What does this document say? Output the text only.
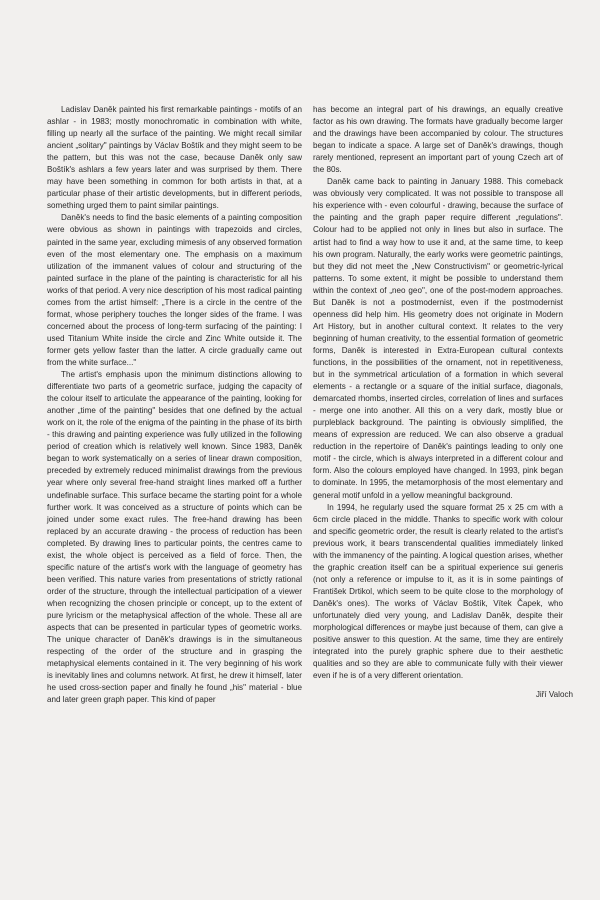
Ladislav Daněk painted his first remarkable paintings - motifs of an ashlar - in 1983; mostly monochromatic in combination with white, filling up nearly all the surface of the painting. We might recall similar ancient „solitary" paintings by Václav Boštík and they might seem to be the pattern, but this was not the case, because Daněk only saw Boštík's ashlars a few years later and was surprised by them. There may have been something in common for both artists in that, at a particular phase of their artistic developments, but in different periods, something urged them to paint similar paintings.

Daněk's needs to find the basic elements of a painting composition were obvious as shown in paintings with trapezoids and circles, painted in the same year, excluding mimesis of any observed formation even of the most elementary one. The emphasis on a maximum utilization of the immanent values of colour and structuring of the painted surface in the plane of the painting is characteristic for all his works of that period. A very nice description of his most radical painting comes from the artist himself: „There is a circle in the centre of the format, whose periphery touches the longer sides of the frame. I was concerned about the process of long-term surfacing of the painting: I used Titanium White inside the circle and Zinc White outside it. The former gets yellow faster than the latter. A circle gradually came out from the white surface..."

The artist's emphasis upon the minimum distinctions allowing to differentiate two parts of a geometric surface, judging the capacity of the colour itself to articulate the appearance of the painting, looking for another „time of the painting" besides that one defined by the actual work on it, the role of the enigma of the painting in the phase of its birth - this drawing and painting experience was fully utilized in the following period of creation which is relatively well known. Since 1983, Daněk began to work systematically on a series of linear drawn composition, preceded by extremely reduced minimalist drawings from the previous year where only several free-hand straight lines marked off a further undefinable surface. This surface became the starting point for a whole further work. It was conceived as a structure of points which can be joined under some exact rules. The free-hand drawing has been replaced by an accurate drawing - the process of reduction has been completed. By drawing lines to particular points, the centres came to exist, the whole object is perceived as a field of force. Then, the specific nature of the artist's work with the language of geometry has been verified. This nature varies from presentations of strictly rational order of the structure, through the intellectual participation of a viewer when recognizing the chosen principle or concept, up to the extent of pure lyricism or the metaphysical affection of the whole. These all are aspects that can be presented in particular types of geometric works. The unique character of Daněk's drawings is in the simultaneous respecting of the order of the structure and in grasping the metaphysical elements contained in it. The very beginning of his work is inevitably lines and columns network. At first, he drew it himself, later he used cross-section paper and finally he found „his" material - blue and later green graph paper. This kind of paper

has become an integral part of his drawings, an equally creative factor as his own drawing. The formats have gradually become larger and the drawings have been accompanied by colour. The structures began to indicate a space. A large set of Daněk's drawings, though rarely mentioned, represent an important part of young Czech art of the 80s.

Daněk came back to painting in January 1988. This comeback was obviously very complicated. It was not possible to transpose all his experience with - even colourful - drawing, because the surface of the painting and the graph paper require different „regulations". Colour had to be applied not only in lines but also in surface. The artist had to find a way how to use it and, at the same time, to keep his own program. Naturally, the early works were geometric paintings, but they did not meet the „New Constructivism" or geometric-lyrical patterns. To some extent, it might be possible to understand them within the context of „neo geo", one of the post-modern approaches. But Daněk is not a postmodernist, even if the postmodernist openness did help him. His geometry does not originate in Modern Art History, but in another cultural context. It relates to the very beginning of human creativity, to the essential formation of geometric forms, Daněk is interested in Extra-European cultural contexts functions, in the possibilities of the ornament, not in repetitiveness, but in the symmetrical articulation of a formation in which several elements - a rectangle or a square of the initial surface, diagonals, demarcated rhombs, inserted circles, correlation of lines and surfaces - merge one into another. All this on a very dark, mostly blue or purpleblack background. The painting is obviously simplified, the means of expression are reduced. We can also observe a gradual reduction in the repertoire of Daněk's paintings leading to only one motif - the circle, which is always interpreted in a different colour and form. Also the colours employed have changed. In 1993, pink began to dominate. In 1995, the metamorphosis of the most elementary and general motif unfold in a yellow meaningful background.

In 1994, he regularly used the square format 25 x 25 cm with a 6cm circle placed in the middle. Thanks to specific work with colour and specific geometric order, the result is clearly related to the artist's previous work, it bears transcendental qualities immediately linked with the immanency of the painting. A logical question arises, whether the graphic creation itself can be a spiritual experience sui generis (not only a reference or impulse to it, as it is in some paintings of František Drtikol, which seem to be quite close to the morphology of Daněk's ones). The works of Václav Boštík, Vítek Čapek, who unfortunately died very young, and Ladislav Daněk, despite their morphological differences or maybe just because of them, can give a positive answer to this question. At the same, time they are entirely integrated into the purely graphic sphere due to their aesthetic qualities and so they are able to communicate fully with their viewer even if he is of a very different orientation.

Jiří Valoch
